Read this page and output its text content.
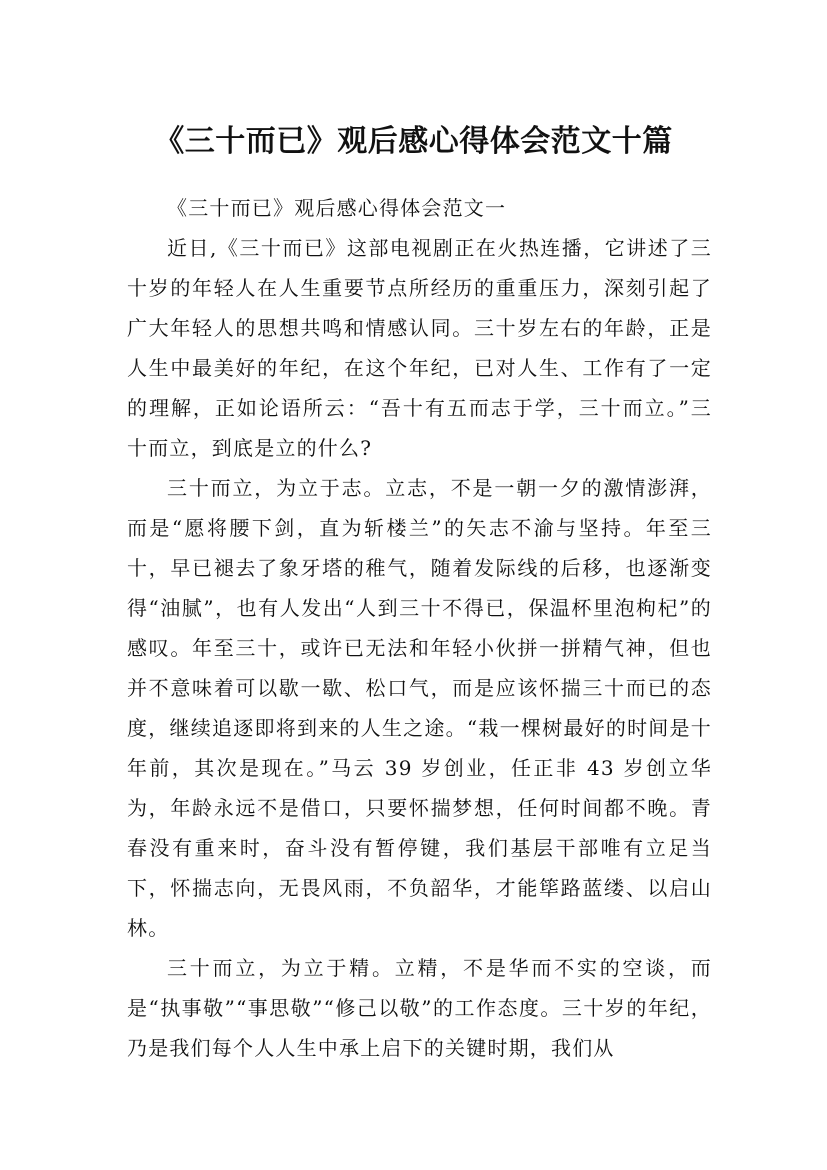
《三十而已》观后感心得体会范文十篇

《三十而已》观后感心得体会范文一

近日,《三十而已》这部电视剧正在火热连播，它讲述了三十岁的年轻人在人生重要节点所经历的重重压力，深刻引起了广大年轻人的思想共鸣和情感认同。三十岁左右的年龄，正是人生中最美好的年纪，在这个年纪，已对人生、工作有了一定的理解，正如论语所云：“吾十有五而志于学，三十而立。”三十而立，到底是立的什么?

三十而立，为立于志。立志，不是一朝一夕的激情澎湃，而是“愿将腰下剑，直为斩楼兰”的矢志不渝与坚持。年至三十，早已褪去了象牙塔的稚气，随着发际线的后移，也逐渐变得“油腻”，也有人发出“人到三十不得已，保温杯里泡枸杞”的感叹。年至三十，或许已无法和年轻小伙拼一拼精气神，但也并不意味着可以歇一歇、松口气，而是应该怀揣三十而已的态度，继续追逐即将到来的人生之途。“栽一棵树最好的时间是十年前，其次是现在。”马云 39 岁创业，任正非 43 岁创立华为，年龄永远不是借口，只要怀揣梦想，任何时间都不晚。青春没有重来时，奋斗没有暂停键，我们基层干部唯有立足当下，怀揣志向，无畏风雨，不负韶华，才能筚路蓝缕、以启山林。

三十而立，为立于精。立精，不是华而不实的空谈，而是“执事敬”“事思敬”“修己以敬”的工作态度。三十岁的年纪，乃是我们每个人人生中承上启下的关键时期，我们从
